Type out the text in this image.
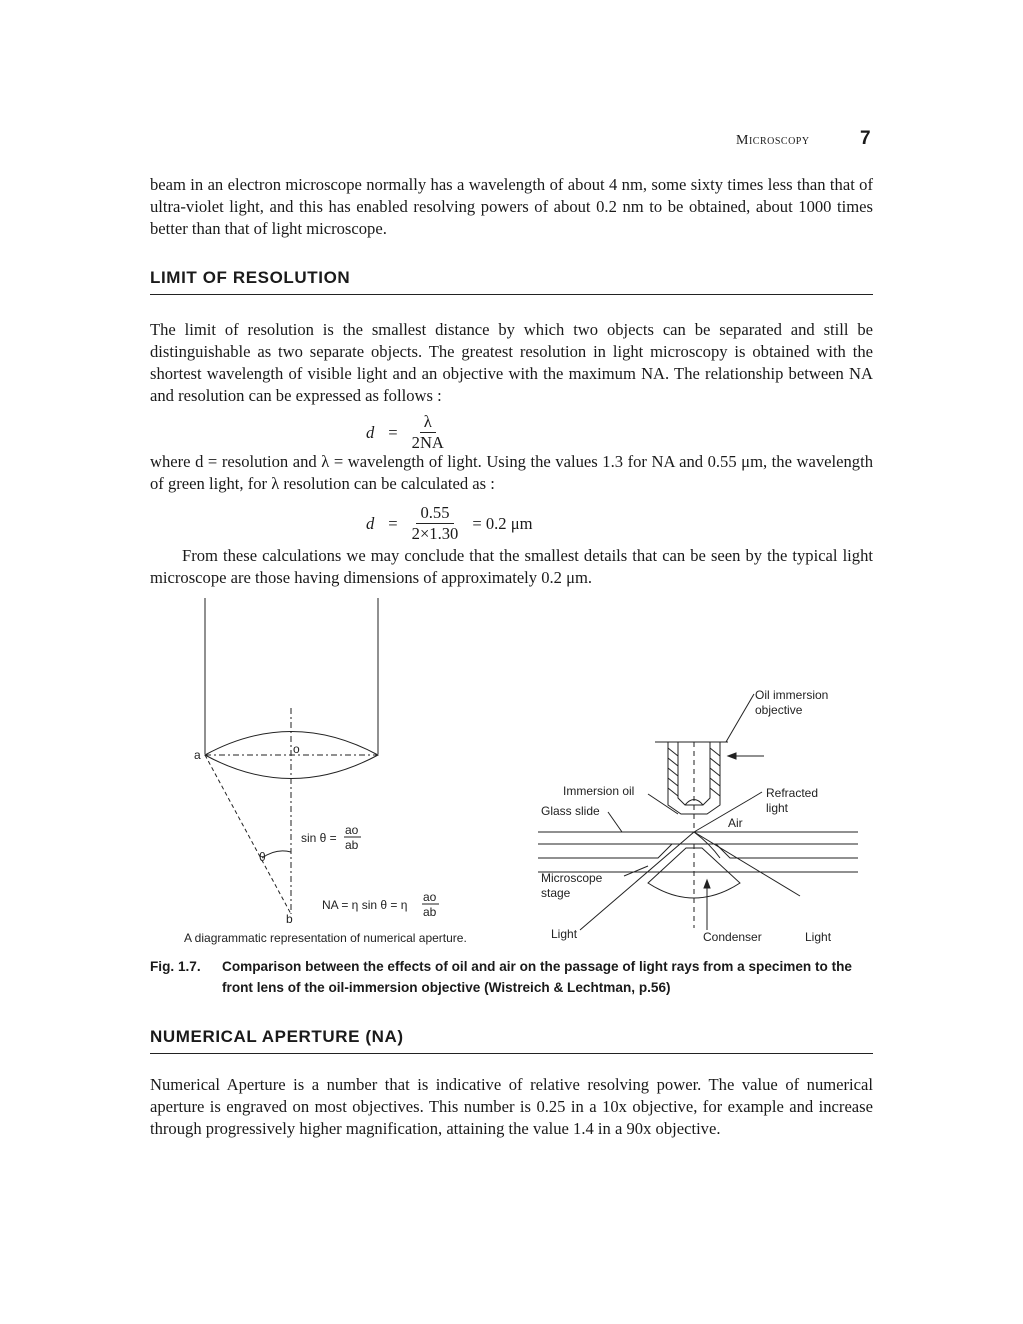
Microscopy	7

beam in an electron microscope normally has a wavelength of about 4 nm, some sixty times less than that of ultra-violet light, and this has enabled resolving powers of about 0.2 nm to be obtained, about 1000 times better than that of light microscope.

LIMIT OF RESOLUTION

The limit of resolution is the smallest distance by which two objects can be separated and still be distinguishable as two separate objects. The greatest resolution in light microscopy is obtained with the shortest wavelength of visible light and an objective with the maximum NA. The relationship between NA and resolution can be expressed as follows :

$d = \frac{\lambda}{2NA}$

where d = resolution and λ = wavelength of light. Using the values 1.3 for NA and 0.55 μm, the wavelength of green light, for λ resolution can be calculated as :

$d = \frac{0.55}{2\times 1.30} = 0.2$ μm

From these calculations we may conclude that the smallest details that can be seen by the typical light microscope are those having dimensions of approximately 0.2 μm.

a	o
b
θ
sin θ =
ao
ab
NA = η sin θ = η
ao
ab
A diagrammatic representation of numerical aperture.
Oil immersion
objective
Immersion oil
Glass slide
Refracted
light
Air
Microscope
stage
Light	Condenser	Light
Fig. 1.7. Comparison between the effects of oil and air on the passage of light rays from a specimen to the front lens of the oil-immersion objective (Wistreich & Lechtman, p.56)
NUMERICAL APERTURE (NA)

Numerical Aperture is a number that is indicative of relative resolving power. The value of numerical aperture is engraved on most objectives. This number is 0.25 in a 10x objective, for example and increase through progressively higher magnification, attaining the value 1.4 in a 90x objective.
